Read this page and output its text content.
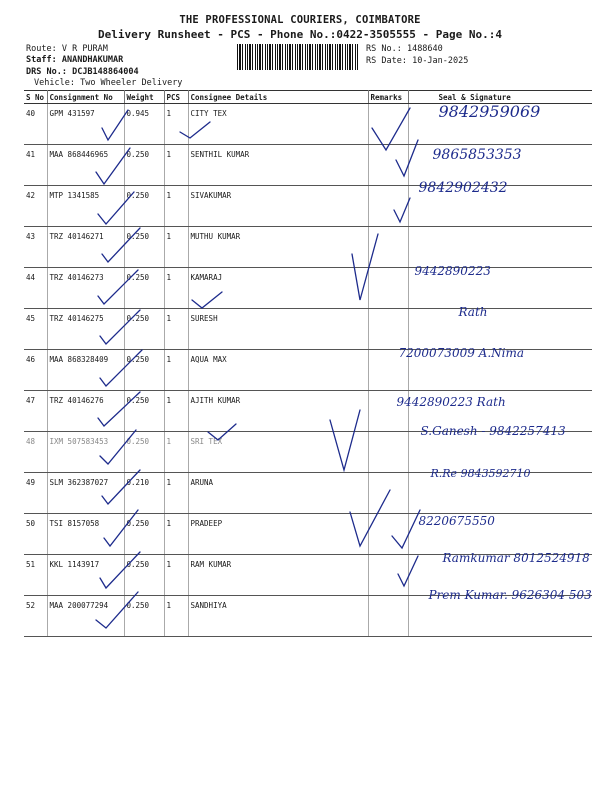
THE PROFESSIONAL COURIERS, COIMBATORE
Delivery Runsheet - PCS - Phone No.:0422-3505555 - Page No.:4
Route: V R PURAM
Staff: ANANDHAKUMAR
DRS No.: DCJB148864004
Vehicle: Two Wheeler Delivery
RS No.: 1488640
RS Date: 10-Jan-2025
S No	Consignment No	Weight	PCS	Consignee Details	Remarks	Seal & Signature
40	GPM 431597	0.945	1	CITY TEX		9842959069

41	MAA 868446965	0.250	1	SENTHIL KUMAR		9865853353

42	MTP 1341585	0.250	1	SIVAKUMAR		9842902432

43	TRZ 40146271	0.250	1	MUTHU KUMAR		

44	TRZ 40146273	0.250	1	KAMARAJ		9442890223

45	TRZ 40146275	0.250	1	SURESH		Rath

46	MAA 868328409	0.250	1	AQUA MAX		7200073009 A.Nima

47	TRZ 40146276	0.250	1	AJITH KUMAR		9442890223 Rath

48	IXM 507583453	0.250	1	SRI TEX		S.Ganesh - 9842257413

49	SLM 362387027	0.210	1	ARUNA		R.Re 9843592710

50	TSI 8157058	0.250	1	PRADEEP		8220675550

51	KKL 1143917	0.250	1	RAM KUMAR		Ramkumar 8012524918

52	MAA 200077294	0.250	1	SANDHIYA		Prem Kumar. 9626304 503
